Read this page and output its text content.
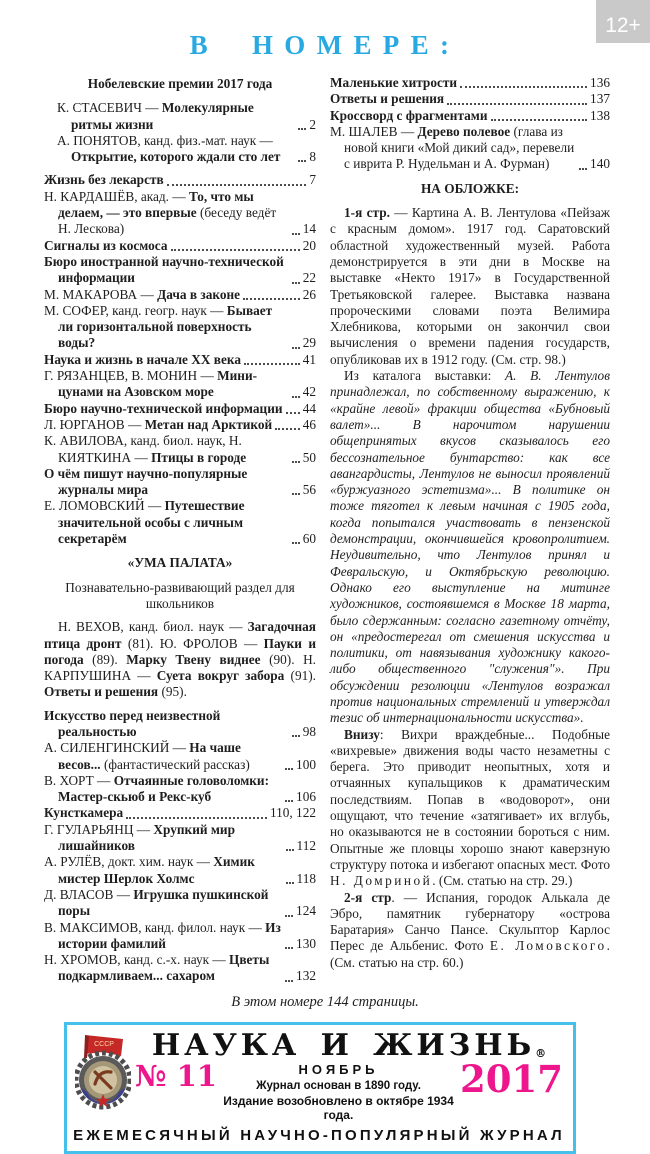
12+
В НОМЕРЕ:
Нобелевские премии 2017 года
К. СТАСЕВИЧ — Молекулярные ритмы жизни	2
А. ПОНЯТОВ, канд. физ.-мат. наук — Открытие, которого ждали сто лет	8
Жизнь без лекарств	7
Н. КАРДАШЁВ, акад. — То, что мы делаем, — это впервые (беседу ведёт Н. Лескова)	14
Сигналы из космоса	20
Бюро иностранной научно-технической информации	22
М. МАКАРОВА — Дача в законе	26
М. СОФЕР, канд. геогр. наук — Бывает ли горизонтальной поверхность воды?	29
Наука и жизнь в начале ХХ века	41
Г. РЯЗАНЦЕВ, В. МОНИН — Мини-цунами на Азовском море	42
Бюро научно-технической информации 44
Л. ЮРГАНОВ — Метан над Арктикой 46
К. АВИЛОВА, канд. биол. наук, Н. КИЯТКИНА — Птицы в городе	50
О чём пишут научно-популярные журналы мира	56
Е. ЛОМОВСКИЙ — Путешествие значительной особы с личным секретарём	60
«УМА ПАЛАТА»
Познавательно-развивающий раздел для школьников
Н. ВЕХОВ, канд. биол. наук — Загадочная птица дронт (81). Ю. ФРОЛОВ — Пауки и погода (89). Марку Твену виднее (90). Н. КАРПУШИНА — Суета вокруг забора (91). Ответы и решения (95).
Искусство перед неизвестной реальностью	98
А. СИЛЕНГИНСКИЙ — На чаше весов... (фантастический рассказ)	100
В. ХОРТ — Отчаянные головоломки: Мастер-скьюб и Рекс-куб	106
Кунсткамера	110, 122
Г. ГУЛАРЬЯНЦ — Хрупкий мир лишайников	112
А. РУЛЁВ, докт. хим. наук — Химик мистер Шерлок Холмс	118
Д. ВЛАСОВ — Игрушка пушкинской поры	124
В. МАКСИМОВ, канд. филол. наук — Из истории фамилий	130
Н. ХРОМОВ, канд. с.-х. наук — Цветы подкармливаем... сахаром	132
Маленькие хитрости	136
Ответы и решения	137
Кроссворд с фрагментами	138
М. ШАЛЕВ — Дерево полевое (глава из новой книги «Мой дикий сад», перевели с иврита Р. Нудельман и А. Фурман)	140
НА ОБЛОЖКЕ:
1-я стр. — Картина А. В. Лентулова «Пейзаж с красным домом». 1917 год. Саратовский областной художественный музей. Работа демонстрируется в эти дни в Москве на выставке «Некто 1917» в Государственной Третьяковской галерее. Выставка названа пророческими словами поэта Велимира Хлебникова, которыми он закончил свои вычисления о времени падения государств, опубликовав их в 1912 году. (См. стр. 98.)
Из каталога выставки: А. В. Лентулов принадлежал, по собственному выражению, к «крайне левой» фракции общества «Бубновый валет»... В нарочитом нарушении общепринятых вкусов сказывалось его бессознательное бунтарство: как все авангардисты, Лентулов не выносил проявлений «буржуазного эстетизма»... В политике он тоже тяготел к левым начиная с 1905 года, когда попытался участвовать в пензенской демонстрации, окончившейся кровопролитием. Неудивительно, что Лентулов принял и Февральскую, и Октябрьскую революцию. Однако его выступление на митинге художников, состоявшемся в Москве 18 марта, было сдержанным: согласно газетному отчёту, он «предостерегал от смешения искусства и политики, от навязывания художнику какого-либо общественного "служения"». При обсуждении резолюции «Лентулов возражал против национальных стремлений и утверждал тезис об интернациональности искусства».
Внизу: Вихри враждебные... Подобные «вихревые» движения воды часто незаметны с берега. Это приводит неопытных, хотя и отчаянных купальщиков к драматическим последствиям. Попав в «водоворот», они ощущают, что течение «затягивает» их вглубь, но оказываются не в состоянии бороться с ним. Опытные же пловцы хорошо знают каверзную структуру потока и избегают опасных мест. Фото Н. Домриной. (См. статью на стр. 29.)
2-я стр. — Испания, городок Алькала де Эбро, памятник губернатору «острова Баратария» Санчо Пансе. Скульптор Карлос Перес де Альбенис. Фото Е. Ломовского. (См. статью на стр. 60.)
В этом номере 144 страницы.
СССР	НАУКА И ЖИЗНЬ®
№ 11	НОЯБРЬ
Журнал основан в 1890 году.
Издание возобновлено в октябре 1934 года.
2017
ЕЖЕМЕСЯЧНЫЙ НАУЧНО-ПОПУЛЯРНЫЙ ЖУРНАЛ
